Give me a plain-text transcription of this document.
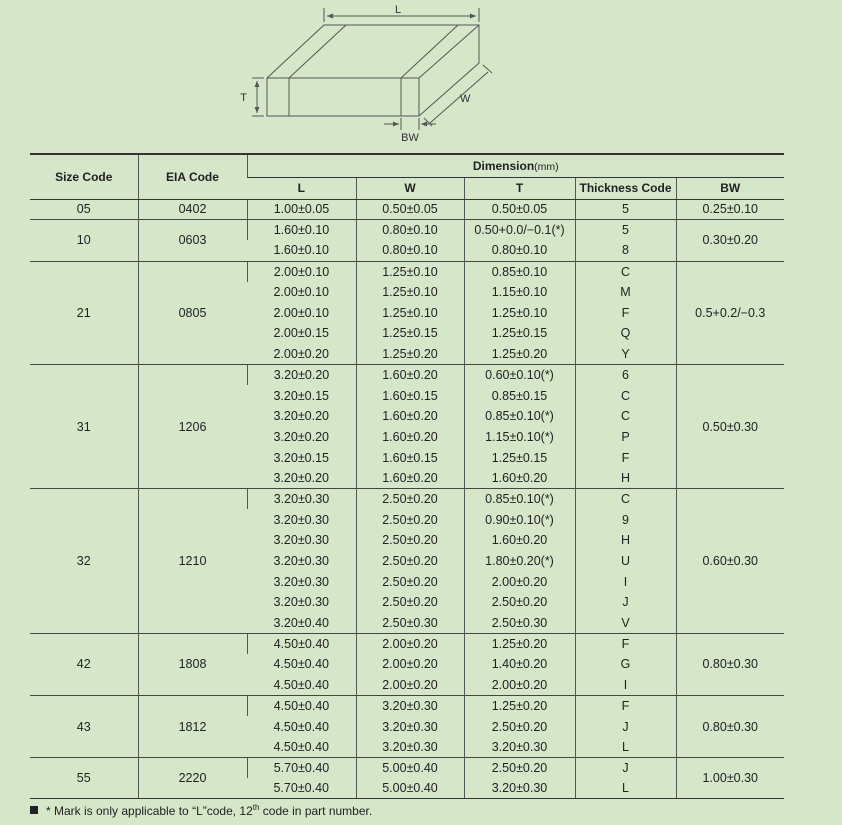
L
T	W
BW
Size Code	EIA Code	Dimension(mm)				
		L	W	T	Thickness Code	BW
05	0402	1.00±0.05	0.50±0.05	0.50±0.05	5	0.25±0.10
10	0603	1.60±0.10	0.80±0.10	0.50+0.0/−0.1(*)	5	0.30±0.20
		1.60±0.10	0.80±0.10	0.80±0.10	8	
21	0805	2.00±0.10	1.25±0.10	0.85±0.10	C	0.5+0.2/−0.3
		2.00±0.10	1.25±0.10	1.15±0.10	M	
		2.00±0.10	1.25±0.10	1.25±0.10	F	
		2.00±0.15	1.25±0.15	1.25±0.15	Q	
		2.00±0.20	1.25±0.20	1.25±0.20	Y	
31	1206	3.20±0.20	1.60±0.20	0.60±0.10(*)	6	0.50±0.30
		3.20±0.15	1.60±0.15	0.85±0.15	C	
		3.20±0.20	1.60±0.20	0.85±0.10(*)	C	
		3.20±0.20	1.60±0.20	1.15±0.10(*)	P	
		3.20±0.15	1.60±0.15	1.25±0.15	F	
		3.20±0.20	1.60±0.20	1.60±0.20	H	
32	1210	3.20±0.30	2.50±0.20	0.85±0.10(*)	C	0.60±0.30
		3.20±0.30	2.50±0.20	0.90±0.10(*)	9	
		3.20±0.30	2.50±0.20	1.60±0.20	H	
		3.20±0.30	2.50±0.20	1.80±0.20(*)	U	
		3.20±0.30	2.50±0.20	2.00±0.20	I	
		3.20±0.30	2.50±0.20	2.50±0.20	J	
		3.20±0.40	2.50±0.30	2.50±0.30	V	
42	1808	4.50±0.40	2.00±0.20	1.25±0.20	F	0.80±0.30
		4.50±0.40	2.00±0.20	1.40±0.20	G	
		4.50±0.40	2.00±0.20	2.00±0.20	I	
43	1812	4.50±0.40	3.20±0.30	1.25±0.20	F	0.80±0.30
		4.50±0.40	3.20±0.30	2.50±0.20	J	
		4.50±0.40	3.20±0.30	3.20±0.30	L	
55	2220	5.70±0.40	5.00±0.40	2.50±0.20	J	1.00±0.30
		5.70±0.40	5.00±0.40	3.20±0.30	L	
* Mark is only applicable to “L”code, 12th code in part number.
